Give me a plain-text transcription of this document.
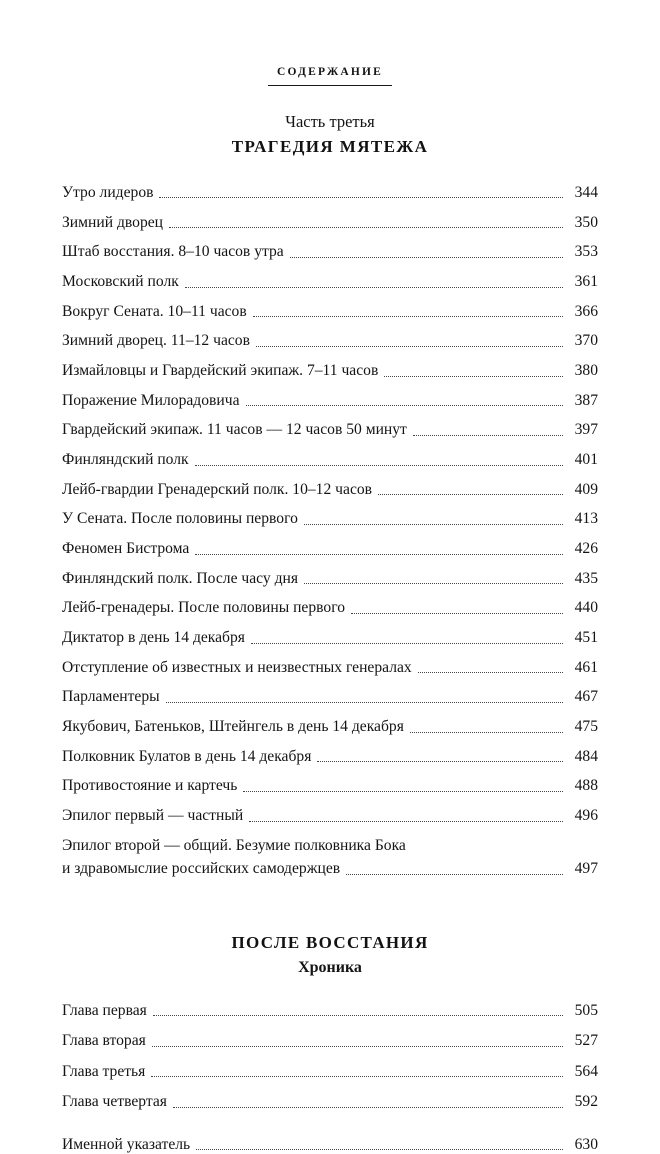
СОДЕРЖАНИЕ
Часть третья
ТРАГЕДИЯ МЯТЕЖА
Утро лидеров	344
Зимний дворец	350
Штаб восстания. 8–10 часов утра	353
Московский полк	361
Вокруг Сената. 10–11 часов	366
Зимний дворец. 11–12 часов	370
Измайловцы и Гвардейский экипаж. 7–11 часов	380
Поражение Милорадовича	387
Гвардейский экипаж. 11 часов — 12 часов 50 минут	397
Финляндский полк	401
Лейб-гвардии Гренадерский полк. 10–12 часов	409
У Сената. После половины первого	413
Феномен Бистрома	426
Финляндский полк. После часу дня	435
Лейб-гренадеры. После половины первого	440
Диктатор в день 14 декабря	451
Отступление об известных и неизвестных генералах	461
Парламентеры	467
Якубович, Батеньков, Штейнгель в день 14 декабря	475
Полковник Булатов в день 14 декабря	484
Противостояние и картечь	488
Эпилог первый — частный	496
Эпилог второй — общий. Безумие полковника Бока
и здравомыслие российских самодержцев	497
ПОСЛЕ ВОССТАНИЯ
Хроника
Глава первая	505
Глава вторая	527
Глава третья	564
Глава четвертая	592
Именной указатель	630
